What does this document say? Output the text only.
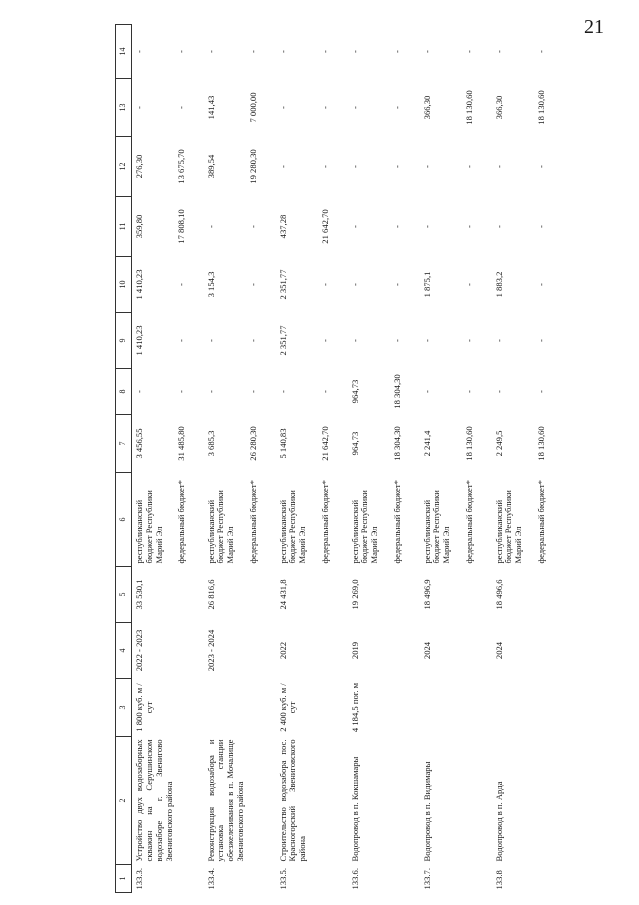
21
1	2	3	4	5	6	7	8	9	10	11	12	13	14
133.3.	Устройство двух водозаборных скважин на Серушинском водозаборе г. Звенигово Звениговского района	1 800 куб. м / сут	2022 - 2023	33 530,1	республиканский бюджет Республики Марий Эл	3 456,55	-	1 410,23	1 410,23	359,80	276,30	-	-
					федеральный бюджет*	31 485,80	-	-	-	17 808,10	13 675,70	-	-
133.4.	Реконструкция водозабора и установка станции обезжелезивания в п. Мочалище Звениговского района		2023 - 2024	26 816,6	республиканский бюджет Республики Марий Эл	3 685,3	-	-	3 154,3	-	389,54	141,43	-
					федеральный бюджет*	26 280,30	-	-	-	-	19 280,30	7 000,00	-
133.5.	Строительство водозабора пос. Красногорский Звениговского района	2 400 куб. м / сут	2022	24 431,8	республиканский бюджет Республики Марий Эл	5 140,83	-	2 351,77	2 351,77	437,28	-	-	-
					федеральный бюджет*	21 642,70	-	-	-	21 642,70	-	-	-
133.6.	Водопровод в п. Кокшамары	4 184,5 пог. м	2019	19 269,0	республиканский бюджет Республики Марий Эл	964,73	964,73	-	-	-	-	-	-
					федеральный бюджет*	18 304,30	18 304,30	-	-	-	-	-	-
133.7.	Водопровод в п. Видимары		2024	18 496,9	республиканский бюджет Республики Марий Эл	2 241,4	-	-	1 875,1	-	-	366,30	-
					федеральный бюджет*	18 130,60	-	-	-	-	-	18 130,60	-
133.8	Водопровод в п. Арда		2024	18 496,6	республиканский бюджет Республики Марий Эл	2 249,5	-	-	1 883,2	-	-	366,30	-
					федеральный бюджет*	18 130,60	-	-	-	-	-	18 130,60	-
